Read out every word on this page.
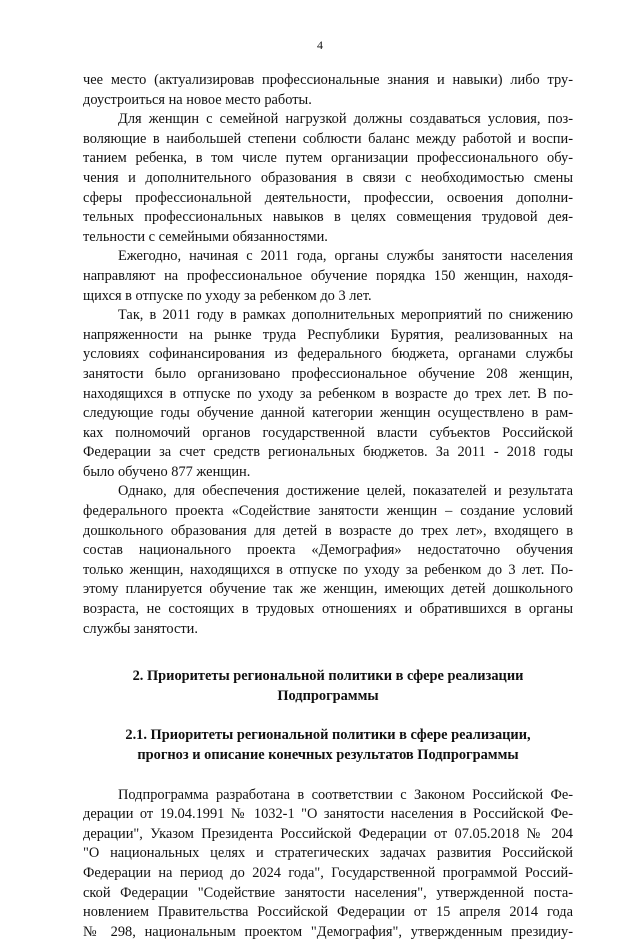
4
чее место (актуализировав профессиональные знания и навыки) либо тру-
доустроиться на новое место работы.
Для женщин с семейной нагрузкой должны создаваться условия, поз-
воляющие в наибольшей степени соблюсти баланс между работой и воспи-
танием ребенка, в том числе путем организации профессионального обу-
чения и дополнительного образования в связи с необходимостью смены
сферы профессиональной деятельности, профессии, освоения дополни-
тельных профессиональных навыков в целях совмещения трудовой дея-
тельности с семейными обязанностями.
Ежегодно, начиная с 2011 года, органы службы занятости населения
направляют на профессиональное обучение порядка 150 женщин, находя-
щихся в отпуске по уходу за ребенком до 3 лет.
Так, в 2011 году в рамках дополнительных мероприятий по снижению
напряженности на рынке труда Республики Бурятия, реализованных на
условиях софинансирования из федерального бюджета, органами службы
занятости было организовано профессиональное обучение 208 женщин,
находящихся в отпуске по уходу за ребенком в возрасте до трех лет. В по-
следующие годы обучение данной категории женщин осуществлено в рам-
ках полномочий органов государственной власти субъектов Российской
Федерации за счет средств региональных бюджетов. За 2011 - 2018 годы
было обучено 877 женщин.
Однако, для обеспечения достижение целей, показателей и результата
федерального проекта «Содействие занятости женщин – создание условий
дошкольного образования для детей в возрасте до трех лет», входящего в
состав национального проекта «Демография» недостаточно обучения
только женщин, находящихся в отпуске по уходу за ребенком до 3 лет. По-
этому планируется обучение так же женщин, имеющих детей дошкольного
возраста, не состоящих в трудовых отношениях и обратившихся в органы
службы занятости.
2. Приоритеты региональной политики в сфере реализации
Подпрограммы
2.1. Приоритеты региональной политики в сфере реализации,
прогноз и описание конечных результатов Подпрограммы
Подпрограмма разработана в соответствии с Законом Российской Фе-
дерации от 19.04.1991 № 1032-1 "О занятости населения в Российской Фе-
дерации", Указом Президента Российской Федерации от 07.05.2018 № 204
"О национальных целях и стратегических задачах развития Российской
Федерации на период до 2024 года", Государственной программой Россий-
ской Федерации "Содействие занятости населения", утвержденной поста-
новлением Правительства Российской Федерации от 15 апреля 2014 года
№ 298, национальным проектом "Демография", утвержденным президиу-
